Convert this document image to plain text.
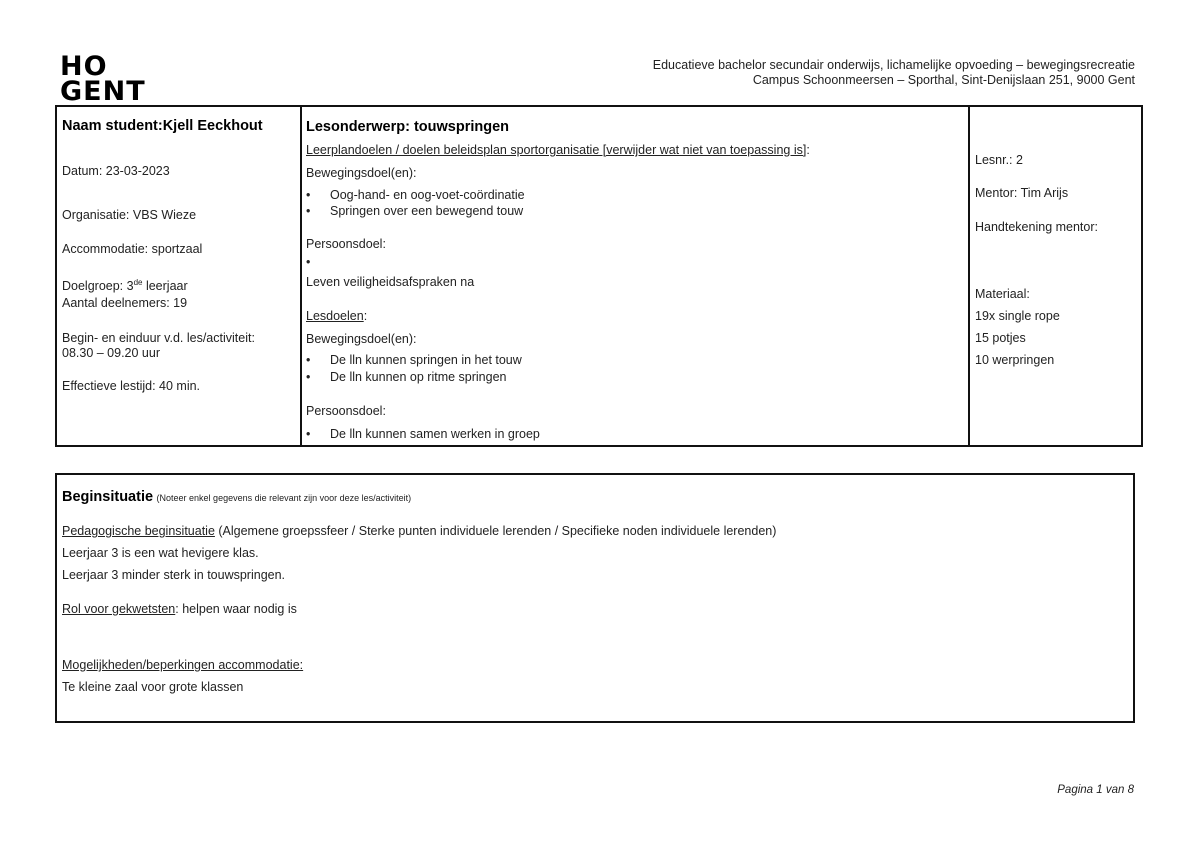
HO
GENT
Educatieve bachelor secundair onderwijs, lichamelijke opvoeding – bewegingsrecreatie
Campus Schoonmeersen – Sporthal, Sint-Denijslaan 251, 9000 Gent
Naam student:Kjell Eeckhout
Datum: 23-03-2023
Organisatie: VBS Wieze
Accommodatie: sportzaal
Doelgroep: 3de leerjaar
Aantal deelnemers: 19
Begin- en einduur v.d. les/activiteit:
08.30 – 09.20 uur
Effectieve lestijd: 40 min.

Lesonderwerp: touwspringen
Leerplandoelen / doelen beleidsplan sportorganisatie [verwijder wat niet van toepassing is]:
Bewegingsdoel(en):
• Oog-hand- en oog-voet-coördinatie
• Springen over een bewegend touw
Persoonsdoel:
•
Leven veiligheidsafspraken na
Lesdoelen:
Bewegingsdoel(en):
• De lln kunnen springen in het touw
• De lln kunnen op ritme springen
Persoonsdoel:
• De lln kunnen samen werken in groep

Lesnr.: 2
Mentor: Tim Arijs
Handtekening mentor:
Materiaal:
19x single rope
15 potjes
10 werpringen
Beginsituatie (Noteer enkel gegevens die relevant zijn voor deze les/activiteit)
Pedagogische beginsituatie (Algemene groepssfeer / Sterke punten individuele lerenden / Specifieke noden individuele lerenden)
Leerjaar 3 is een wat hevigere klas.
Leerjaar 3 minder sterk in touwspringen.
Rol voor gekwetsten: helpen waar nodig is
Mogelijkheden/beperkingen accommodatie:
Te kleine zaal voor grote klassen
Pagina 1 van 8
